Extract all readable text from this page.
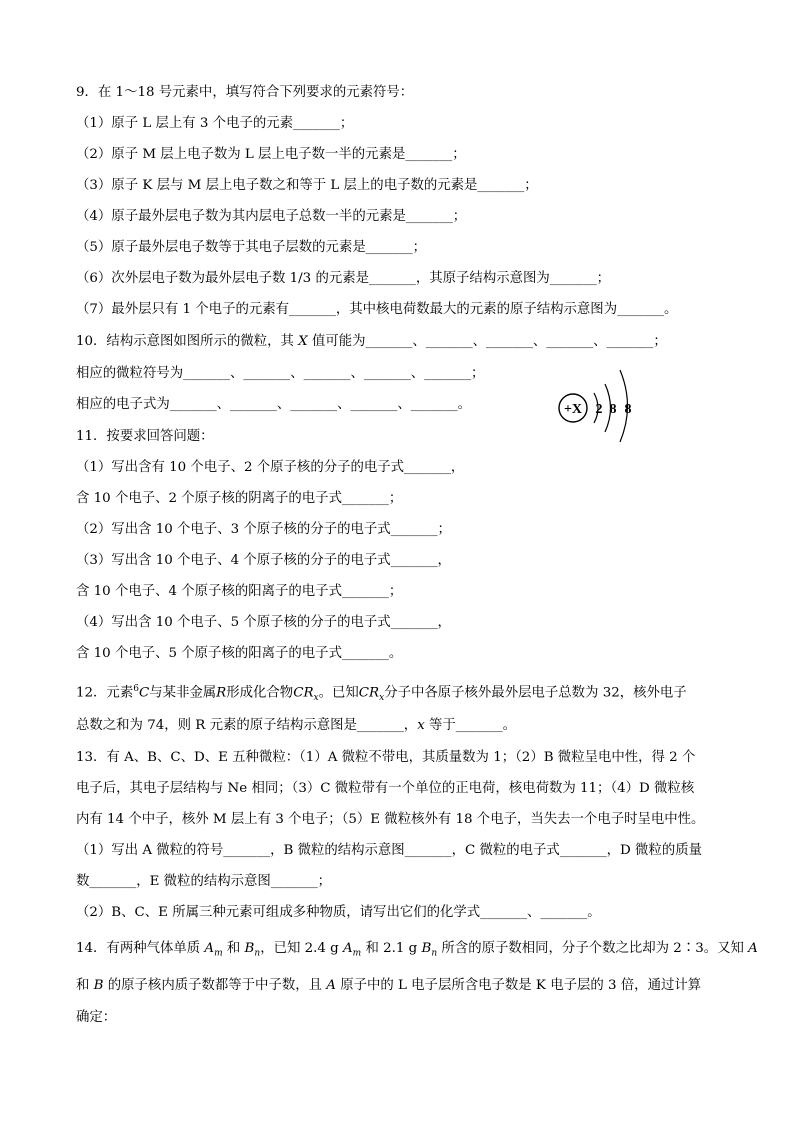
9．在 1～18 号元素中，填写符合下列要求的元素符号：
（1）原子 L 层上有 3 个电子的元素_______；
（2）原子 M 层上电子数为 L 层上电子数一半的元素是_______；
（3）原子 K 层与 M 层上电子数之和等于 L 层上的电子数的元素是_______；
（4）原子最外层电子数为其内层电子总数一半的元素是_______；
（5）原子最外层电子数等于其电子层数的元素是_______；
（6）次外层电子数为最外层电子数 1/3 的元素是_______，其原子结构示意图为_______；
（7）最外层只有 1 个电子的元素有_______，其中核电荷数最大的元素的原子结构示意图为_______。
10．结构示意图如图所示的微粒，其 X 值可能为_______、_______、_______、_______、_______；
相应的微粒符号为_______、_______、_______、_______、_______；
相应的电子式为_______、_______、_______、_______、_______。	+X 2 8 8
11．按要求回答问题：
（1）写出含有 10 个电子、2 个原子核的分子的电子式_______，
含 10 个电子、2 个原子核的阴离子的电子式_______；
（2）写出含 10 个电子、3 个原子核的分子的电子式_______；
（3）写出含 10 个电子、4 个原子核的分子的电子式_______，
含 10 个电子、4 个原子核的阳离子的电子式_______；
（4）写出含 10 个电子、5 个原子核的分子的电子式_______，
含 10 个电子、5 个原子核的阳离子的电子式_______。
12．元素$^6$C与某非金属R形成化合物$CR_x$。已知$CR_x$分子中各原子核外最外层电子总数为 32，核外电子
总数之和为 74，则 R 元素的原子结构示意图是_______，x 等于_______。
13．有 A、B、C、D、E 五种微粒：（1）A 微粒不带电，其质量数为 1；（2）B 微粒呈电中性，得 2 个
电子后，其电子层结构与 Ne 相同；（3）C 微粒带有一个单位的正电荷，核电荷数为 11；（4）D 微粒核
内有 14 个中子，核外 M 层上有 3 个电子；（5）E 微粒核外有 18 个电子，当失去一个电子时呈电中性。
（1）写出 A 微粒的符号_______，B 微粒的结构示意图_______，C 微粒的电子式_______，D 微粒的质量
数_______，E 微粒的结构示意图_______；
（2）B、C、E 所属三种元素可组成多种物质，请写出它们的化学式_______、_______。
14．有两种气体单质 $A_m$ 和 $B_n$，已知 2.4 g $A_m$ 和 2.1 g $B_n$ 所含的原子数相同，分子个数之比却为 2∶3。又知 A
和 B 的原子核内质子数都等于中子数，且 A 原子中的 L 电子层所含电子数是 K 电子层的 3 倍，通过计算
确定：
